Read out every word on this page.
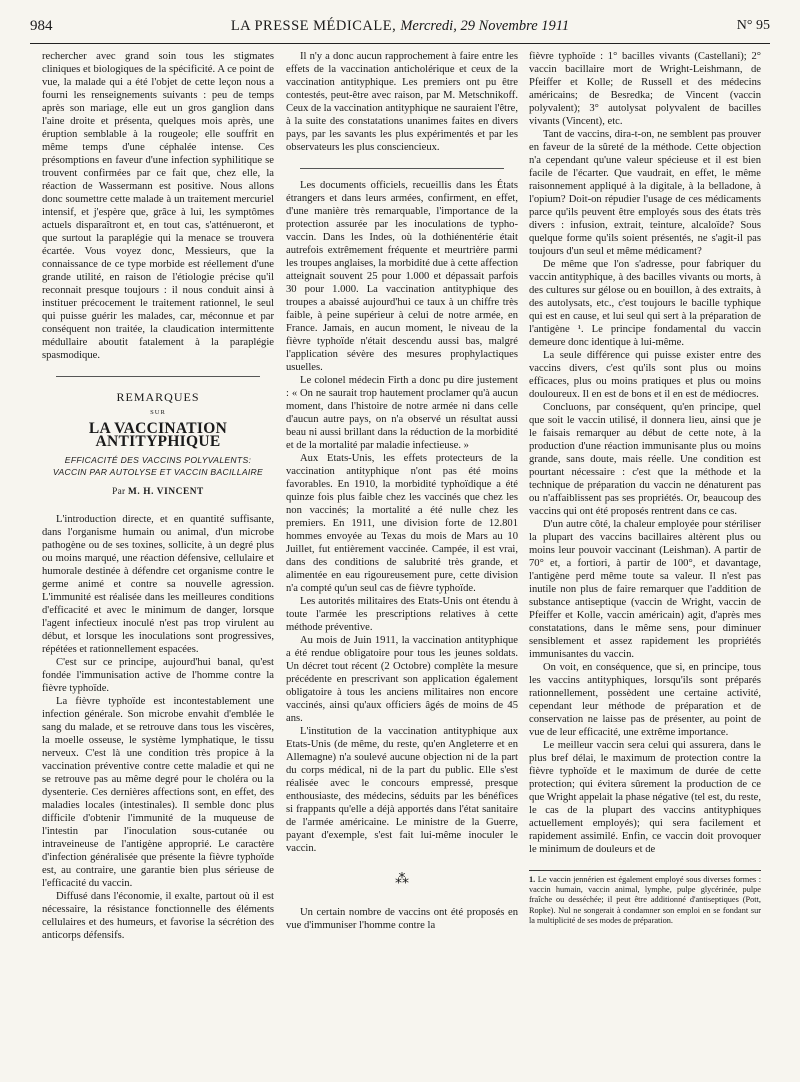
984	LA PRESSE MÉDICALE, Mercredi, 29 Novembre 1911	N° 95

rechercher avec grand soin tous les stigmates cliniques et biologiques de la spécificité. A ce point de vue, la malade qui a été l'objet de cette leçon nous a fourni les renseignements suivants : peu de temps après son mariage, elle eut un gros ganglion dans l'aine droite et présenta, quelques mois après, une éruption semblable à la rougeole; elle souffrit en même temps d'une céphalée intense. Ces présomptions en faveur d'une infection syphilitique se trouvent confirmées par ce fait que, chez elle, la réaction de Wassermann est positive. Nous allons donc soumettre cette malade à un traitement mercuriel intensif, et j'espère que, grâce à lui, les symptômes actuels disparaîtront et, en tout cas, s'atténueront, et que surtout la paraplégie qui la menace se trouvera écartée. Vous voyez donc, Messieurs, que la connaissance de ce type morbide est réellement d'une grande utilité, en raison de l'étiologie précise qu'il reconnait presque toujours : il nous conduit ainsi à instituer précocement le traitement rationnel, le seul qui puisse guérir les malades, car, méconnue et par conséquent non traitée, la claudication intermittente médullaire aboutit fatalement à la paraplégie spasmodique.

REMARQUES
SUR
LA VACCINATION ANTITYPHIQUE
EFFICACITÉ DES VACCINS POLYVALENTS:
VACCIN PAR AUTOLYSE ET VACCIN BACILLAIRE
Par M. H. VINCENT

L'introduction directe, et en quantité suffisante, dans l'organisme humain ou animal, d'un microbe pathogène ou de ses toxines, sollicite, à un degré plus ou moins marqué, une réaction défensive, cellulaire et humorale destinée à défendre cet organisme contre le germe animé et contre sa nouvelle agression. L'immunité est réalisée dans les meilleures conditions d'efficacité et avec le minimum de danger, lorsque l'agent infectieux inoculé n'est pas trop virulent au début, et lorsque les inoculations sont progressives, répétées et rationnellement espacées.

C'est sur ce principe, aujourd'hui banal, qu'est fondée l'immunisation active de l'homme contre la fièvre typhoïde.

La fièvre typhoïde est incontestablement une infection générale. Son microbe envahit d'emblée le sang du malade, et se retrouve dans tous les viscères, la moelle osseuse, le système lymphatique, le tissu nerveux. C'est là une condition très propice à la vaccination préventive contre cette maladie et qui ne se retrouve pas au même degré pour le choléra ou la dysenterie. Ces dernières affections sont, en effet, des maladies locales (intestinales). Il semble donc plus difficile d'obtenir l'immunité de la muqueuse de l'intestin par l'inoculation sous-cutanée ou intraveineuse de l'antigène approprié. Le caractère d'infection généralisée que présente la fièvre typhoïde est, au contraire, une garantie bien plus sérieuse de l'efficacité du vaccin.

Diffusé dans l'économie, il exalte, partout où il est nécessaire, la résistance fonctionnelle des éléments cellulaires et des humeurs, et favorise la sécrétion des anticorps défensifs.

Il n'y a donc aucun rapprochement à faire entre les effets de la vaccination anticholérique et ceux de la vaccination antityphique. Les premiers ont pu être contestés, peut-être avec raison, par M. Metschnikoff. Ceux de la vaccination antityphique ne sauraient l'être, à la suite des constatations unanimes faites en divers pays, par les savants les plus expérimentés et par les observateurs les plus consciencieux.

Les documents officiels, recueillis dans les États étrangers et dans leurs armées, confirment, en effet, d'une manière très remarquable, l'importance de la protection assurée par les inoculations de typho-vaccin. Dans les Indes, où la dothiénentérie était autrefois extrêmement fréquente et meurtrière parmi les troupes anglaises, la morbidité due à cette affection atteignait souvent 25 pour 1.000 et dépassait parfois 30 pour 1.000. La vaccination antityphique des troupes a abaissé aujourd'hui ce taux à un chiffre très faible, à peine supérieur à celui de notre armée, en France. Jamais, en aucun moment, le niveau de la fièvre typhoïde n'était descendu aussi bas, malgré l'application sévère des mesures prophylactiques usuelles.

Le colonel médecin Firth a donc pu dire justement : « On ne saurait trop hautement proclamer qu'à aucun moment, dans l'histoire de notre armée ni dans celle d'aucun autre pays, on n'a observé un résultat aussi beau ni aussi brillant dans la réduction de la morbidité et de la mortalité par maladie infectieuse. »

Aux Etats-Unis, les effets protecteurs de la vaccination antityphique n'ont pas été moins favorables. En 1910, la morbidité typhoïdique a été quinze fois plus faible chez les vaccinés que chez les non vaccinés; la mortalité a été nulle chez les premiers. En 1911, une division forte de 12.801 hommes envoyée au Texas du mois de Mars au 10 Juillet, fut entièrement vaccinée. Campée, il est vrai, dans des conditions de salubrité très grande, et alimentée en eau rigoureusement pure, cette division n'a compté qu'un seul cas de fièvre typhoïde.

Les autorités militaires des Etats-Unis ont étendu à toute l'armée les prescriptions relatives à cette méthode préventive.

Au mois de Juin 1911, la vaccination antityphique a été rendue obligatoire pour tous les jeunes soldats. Un décret tout récent (2 Octobre) complète la mesure précédente en prescrivant son application également obligatoire à tous les anciens militaires non encore vaccinés, ainsi qu'aux officiers âgés de moins de 45 ans.

L'institution de la vaccination antityphique aux Etats-Unis (de même, du reste, qu'en Angleterre et en Allemagne) n'a soulevé aucune objection ni de la part du corps médical, ni de la part du public. Elle s'est réalisée avec le concours empressé, presque enthousiaste, des médecins, séduits par les bénéfices si frappants qu'elle a déjà apportés dans l'état sanitaire de l'armée américaine. Le ministre de la Guerre, payant d'exemple, s'est fait lui-même inoculer le vaccin.

⁂

Un certain nombre de vaccins ont été proposés en vue d'immuniser l'homme contre la

fièvre typhoïde : 1° bacilles vivants (Castellani); 2° vaccin bacillaire mort de Wright-Leishmann, de Pfeiffer et Kolle; de Russell et des médecins américains; de Besredka; de Vincent (vaccin polyvalent); 3° autolysat polyvalent de bacilles vivants (Vincent), etc.

Tant de vaccins, dira-t-on, ne semblent pas prouver en faveur de la sûreté de la méthode. Cette objection n'a cependant qu'une valeur spécieuse et il est bien facile de l'écarter. Que vaudrait, en effet, le même raisonnement appliqué à la digitale, à la belladone, à l'opium? Doit-on répudier l'usage de ces médicaments parce qu'ils peuvent être employés sous des états très divers : infusion, extrait, teinture, alcaloïde? Sous quelque forme qu'ils soient présentés, ne s'agit-il pas toujours d'un seul et même médicament?

De même que l'on s'adresse, pour fabriquer du vaccin antityphique, à des bacilles vivants ou morts, à des cultures sur gélose ou en bouillon, à des extraits, à des autolysats, etc., c'est toujours le bacille typhique qui est en cause, et lui seul qui sert à la préparation de l'antigène ¹. Le principe fondamental du vaccin demeure donc identique à lui-même.

La seule différence qui puisse exister entre des vaccins divers, c'est qu'ils sont plus ou moins efficaces, plus ou moins pratiques et plus ou moins douloureux. Il en est de bons et il en est de médiocres.

Concluons, par conséquent, qu'en principe, quel que soit le vaccin utilisé, il donnera lieu, ainsi que je le faisais remarquer au début de cette note, à la production d'une réaction immunisante plus ou moins grande, sans doute, mais réelle. Une condition est pourtant nécessaire : c'est que la méthode et la technique de préparation du vaccin ne dénaturent pas ou n'affaiblissent pas ses propriétés. Or, beaucoup des vaccins qui ont été proposés rentrent dans ce cas.

D'un autre côté, la chaleur employée pour stériliser la plupart des vaccins bacillaires altèrent plus ou moins leur pouvoir vaccinant (Leishman). A partir de 70° et, a fortiori, à partir de 100°, et davantage, l'antigène perd même toute sa valeur. Il n'est pas inutile non plus de faire remarquer que l'addition de substance antiseptique (vaccin de Wright, vaccin de Pfeiffer et Kolle, vaccin américain) agit, d'après mes constatations, dans le même sens, pour diminuer sensiblement et assez rapidement les propriétés immunisantes du vaccin.

On voit, en conséquence, que si, en principe, tous les vaccins antityphiques, lorsqu'ils sont préparés rationnellement, possèdent une certaine activité, cependant leur méthode de préparation et de conservation ne laisse pas de présenter, au point de vue de leur efficacité, une extrême importance.

Le meilleur vaccin sera celui qui assurera, dans le plus bref délai, le maximum de protection contre la fièvre typhoïde et le maximum de durée de cette protection; qui évitera sûrement la production de ce que Wright appelait la phase négative (tel est, du reste, le cas de la plupart des vaccins antityphiques actuellement employés); qui sera facilement et rapidement assimilé. Enfin, ce vaccin doit provoquer le minimum de douleurs et de

1. Le vaccin jennérien est également employé sous diverses formes : vaccin humain, vaccin animal, lymphe, pulpe glycérinée, pulpe fraîche ou desséchée; il peut être additionné d'antiseptiques (Pott, Ropke). Nul ne songerait à condamner son emploi en se fondant sur la multiplicité de ses modes de préparation.
